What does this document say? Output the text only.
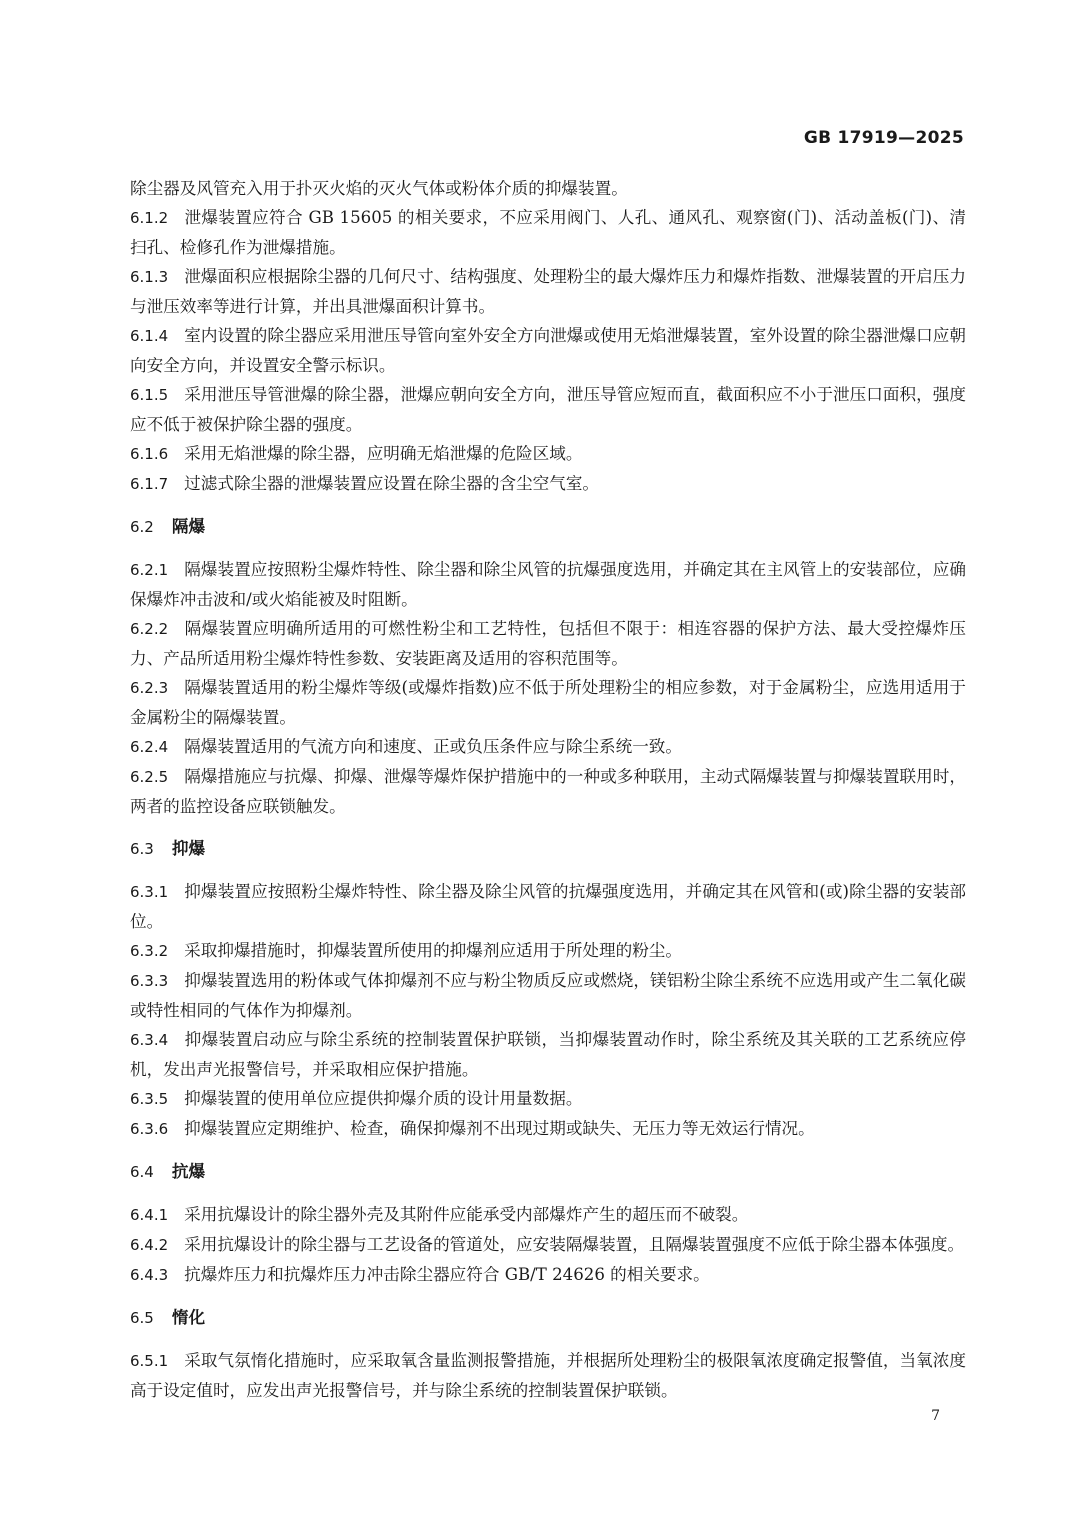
GB 17919—2025
除尘器及风管充入用于扑灭火焰的灭火气体或粉体介质的抑爆装置。
6.1.2 泄爆装置应符合 GB 15605 的相关要求，不应采用阀门、人孔、通风孔、观察窗(门)、活动盖板(门)、清扫孔、检修孔作为泄爆措施。
6.1.3 泄爆面积应根据除尘器的几何尺寸、结构强度、处理粉尘的最大爆炸压力和爆炸指数、泄爆装置的开启压力与泄压效率等进行计算，并出具泄爆面积计算书。
6.1.4 室内设置的除尘器应采用泄压导管向室外安全方向泄爆或使用无焰泄爆装置，室外设置的除尘器泄爆口应朝向安全方向，并设置安全警示标识。
6.1.5 采用泄压导管泄爆的除尘器，泄爆应朝向安全方向，泄压导管应短而直，截面积应不小于泄压口面积，强度应不低于被保护除尘器的强度。
6.1.6 采用无焰泄爆的除尘器，应明确无焰泄爆的危险区域。
6.1.7 过滤式除尘器的泄爆装置应设置在除尘器的含尘空气室。
6.2 隔爆
6.2.1 隔爆装置应按照粉尘爆炸特性、除尘器和除尘风管的抗爆强度选用，并确定其在主风管上的安装部位，应确保爆炸冲击波和/或火焰能被及时阻断。
6.2.2 隔爆装置应明确所适用的可燃性粉尘和工艺特性，包括但不限于：相连容器的保护方法、最大受控爆炸压力、产品所适用粉尘爆炸特性参数、安装距离及适用的容积范围等。
6.2.3 隔爆装置适用的粉尘爆炸等级(或爆炸指数)应不低于所处理粉尘的相应参数，对于金属粉尘，应选用适用于金属粉尘的隔爆装置。
6.2.4 隔爆装置适用的气流方向和速度、正或负压条件应与除尘系统一致。
6.2.5 隔爆措施应与抗爆、抑爆、泄爆等爆炸保护措施中的一种或多种联用，主动式隔爆装置与抑爆装置联用时，两者的监控设备应联锁触发。
6.3 抑爆
6.3.1 抑爆装置应按照粉尘爆炸特性、除尘器及除尘风管的抗爆强度选用，并确定其在风管和(或)除尘器的安装部位。
6.3.2 采取抑爆措施时，抑爆装置所使用的抑爆剂应适用于所处理的粉尘。
6.3.3 抑爆装置选用的粉体或气体抑爆剂不应与粉尘物质反应或燃烧，镁铝粉尘除尘系统不应选用或产生二氧化碳或特性相同的气体作为抑爆剂。
6.3.4 抑爆装置启动应与除尘系统的控制装置保护联锁，当抑爆装置动作时，除尘系统及其关联的工艺系统应停机，发出声光报警信号，并采取相应保护措施。
6.3.5 抑爆装置的使用单位应提供抑爆介质的设计用量数据。
6.3.6 抑爆装置应定期维护、检查，确保抑爆剂不出现过期或缺失、无压力等无效运行情况。
6.4 抗爆
6.4.1 采用抗爆设计的除尘器外壳及其附件应能承受内部爆炸产生的超压而不破裂。
6.4.2 采用抗爆设计的除尘器与工艺设备的管道处，应安装隔爆装置，且隔爆装置强度不应低于除尘器本体强度。
6.4.3 抗爆炸压力和抗爆炸压力冲击除尘器应符合 GB/T 24626 的相关要求。
6.5 惰化
6.5.1 采取气氛惰化措施时，应采取氧含量监测报警措施，并根据所处理粉尘的极限氧浓度确定报警值，当氧浓度高于设定值时，应发出声光报警信号，并与除尘系统的控制装置保护联锁。
7
